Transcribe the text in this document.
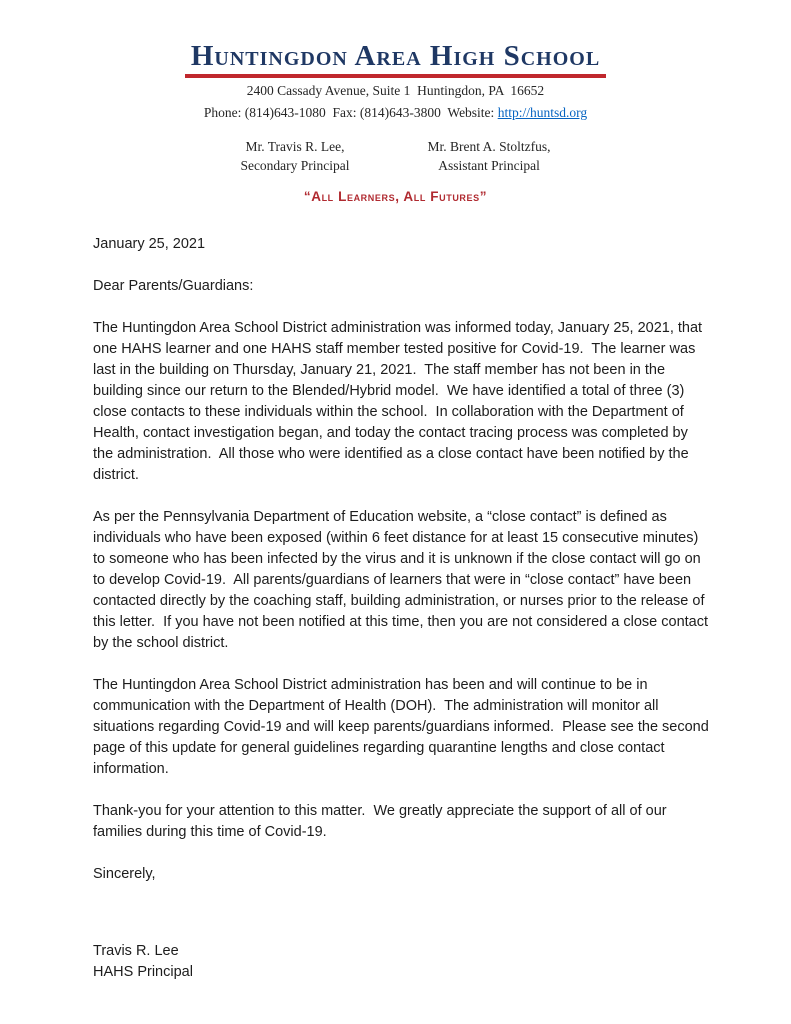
Huntingdon Area High School
2400 Cassady Avenue, Suite 1  Huntingdon, PA  16652
Phone: (814)643-1080  Fax: (814)643-3800  Website: http://huntsd.org
Mr. Travis R. Lee,
Secondary Principal
Mr. Brent A. Stoltzfus,
Assistant Principal
“All Learners, All Futures”
January 25, 2021
Dear Parents/Guardians:

The Huntingdon Area School District administration was informed today, January 25, 2021, that one HAHS learner and one HAHS staff member tested positive for Covid-19.  The learner was last in the building on Thursday, January 21, 2021.  The staff member has not been in the building since our return to the Blended/Hybrid model.  We have identified a total of three (3) close contacts to these individuals within the school.  In collaboration with the Department of Health, contact investigation began, and today the contact tracing process was completed by the administration.  All those who were identified as a close contact have been notified by the district.

As per the Pennsylvania Department of Education website, a “close contact” is defined as individuals who have been exposed (within 6 feet distance for at least 15 consecutive minutes) to someone who has been infected by the virus and it is unknown if the close contact will go on to develop Covid-19.  All parents/guardians of learners that were in “close contact” have been contacted directly by the coaching staff, building administration, or nurses prior to the release of this letter.  If you have not been notified at this time, then you are not considered a close contact by the school district.

The Huntingdon Area School District administration has been and will continue to be in communication with the Department of Health (DOH).  The administration will monitor all situations regarding Covid-19 and will keep parents/guardians informed.  Please see the second page of this update for general guidelines regarding quarantine lengths and close contact information.

Thank-you for your attention to this matter.  We greatly appreciate the support of all of our families during this time of Covid-19.

Sincerely,
Travis R. Lee
HAHS Principal
